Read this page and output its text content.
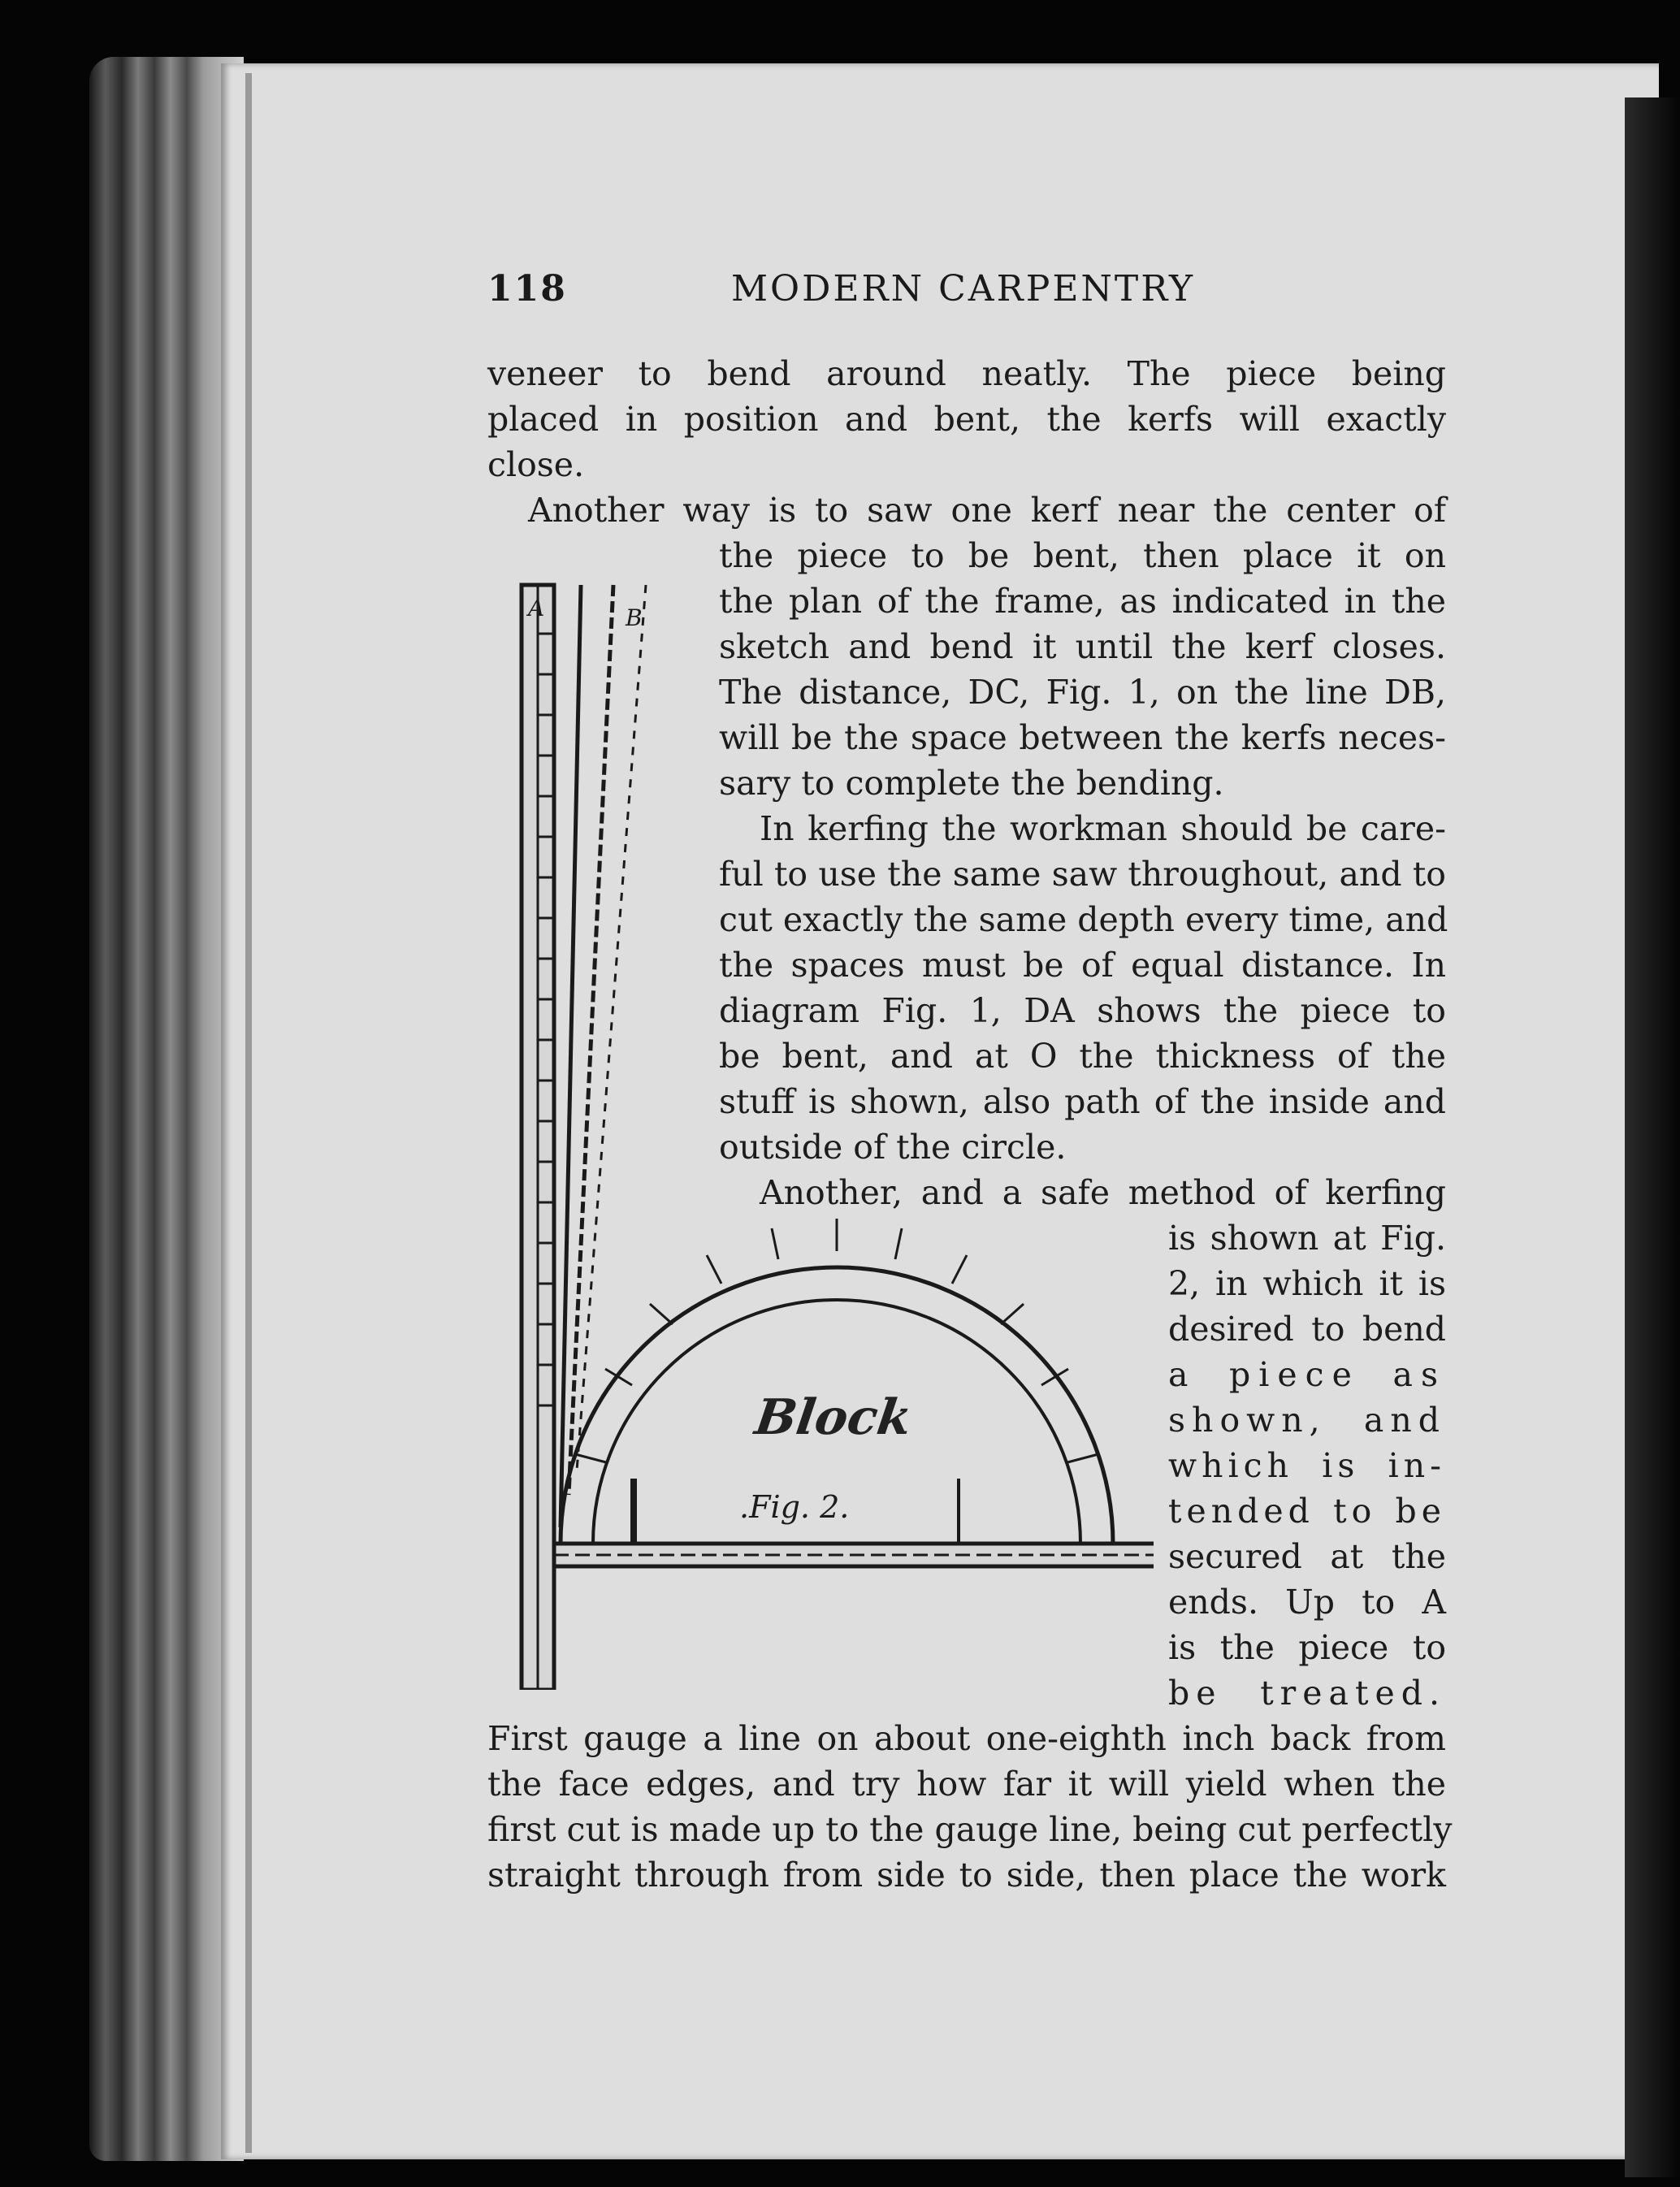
118	MODERN CARPENTRY
veneer to bend around neatly. The piece being
placed in position and bent, the kerfs will exactly
close.
Another way is to saw one kerf near the center of
the piece to be bent, then place it on
the plan of the frame, as indicated in the
sketch and bend it until the kerf closes.
The distance, DC, Fig. 1, on the line DB,
will be the space between the kerfs neces-
sary to complete the bending.
In kerfing the workman should be care-
ful to use the same saw throughout, and to
cut exactly the same depth every time, and
the spaces must be of equal distance. In
diagram Fig. 1, DA shows the piece to
be bent, and at O the thickness of the
stuff is shown, also path of the inside and
outside of the circle.
Another, and a safe method of kerfing
is shown at Fig.
2, in which it is
desired to bend
a piece as
shown, and
which is in-
tended to be
secured at the
ends. Up to A
is the piece to
be treated.
First gauge a line on about one-eighth inch back from
the face edges, and try how far it will yield when the
first cut is made up to the gauge line, being cut perfectly
straight through from side to side, then place the work
A	B
Block
.Fig. 2.
